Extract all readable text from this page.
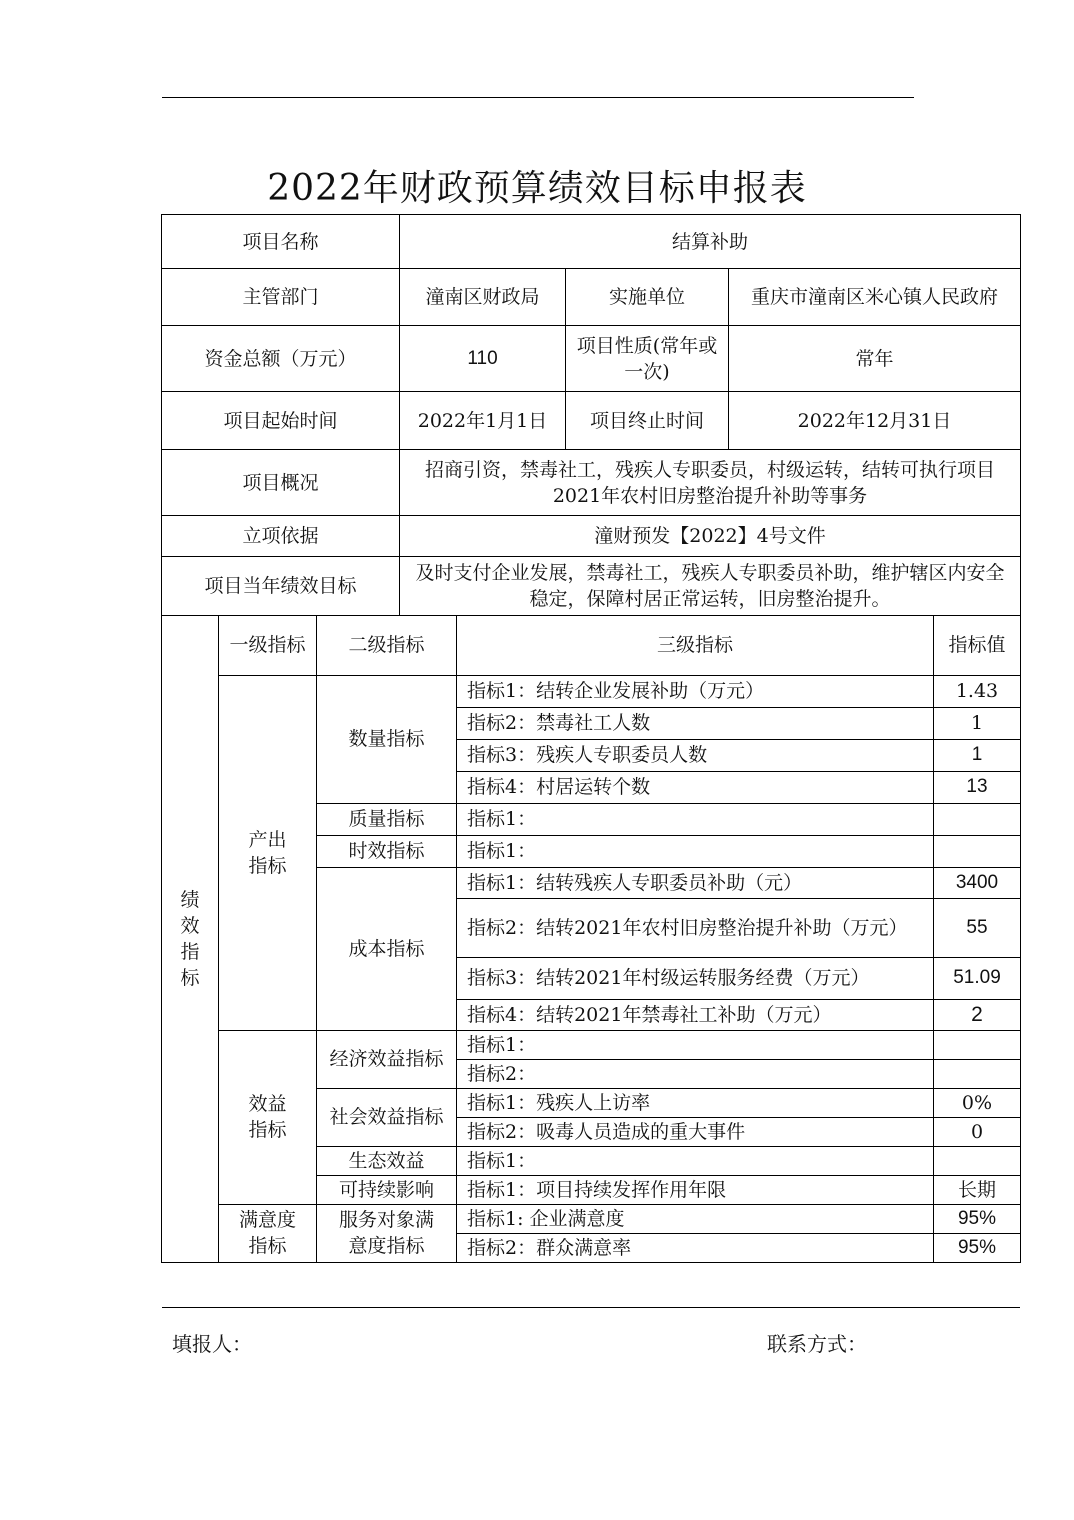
2022年财政预算绩效目标申报表
项目名称	结算补助		
主管部门	潼南区财政局	实施单位	重庆市潼南区米心镇人民政府
资金总额（万元）	110	项目性质(常年或一次)	常年
项目起始时间	2022年1月1日	项目终止时间	2022年12月31日
项目概况	招商引资，禁毒社工，残疾人专职委员，村级运转，结转可执行项目2021年农村旧房整治提升补助等事务		
立项依据	潼财预发【2022】4号文件		
项目当年绩效目标	及时支付企业发展，禁毒社工，残疾人专职委员补助，维护辖区内安全稳定，保障村居正常运转，旧房整治提升。		
绩效指标	一级指标	二级指标	三级指标	指标值
	产出指标	数量指标	指标1：结转企业发展补助（万元）	1.43
			指标2：禁毒社工人数	1
			指标3：残疾人专职委员人数	1
			指标4：村居运转个数	13
		质量指标	指标1：	
		时效指标	指标1：	
		成本指标	指标1：结转残疾人专职委员补助（元）	3400
			指标2：结转2021年农村旧房整治提升补助（万元）	55
			指标3：结转2021年村级运转服务经费（万元）	51.09
			指标4：结转2021年禁毒社工补助（万元）	2
	效益指标	经济效益指标	指标1：	
			指标2：	
		社会效益指标	指标1：残疾人上访率	0%
			指标2：吸毒人员造成的重大事件	0
		生态效益	指标1：	
		可持续影响	指标1：项目持续发挥作用年限	长期
	满意度指标	服务对象满意度指标	指标1: 企业满意度	95%
			指标2：群众满意率	95%
填报人：	联系方式：
